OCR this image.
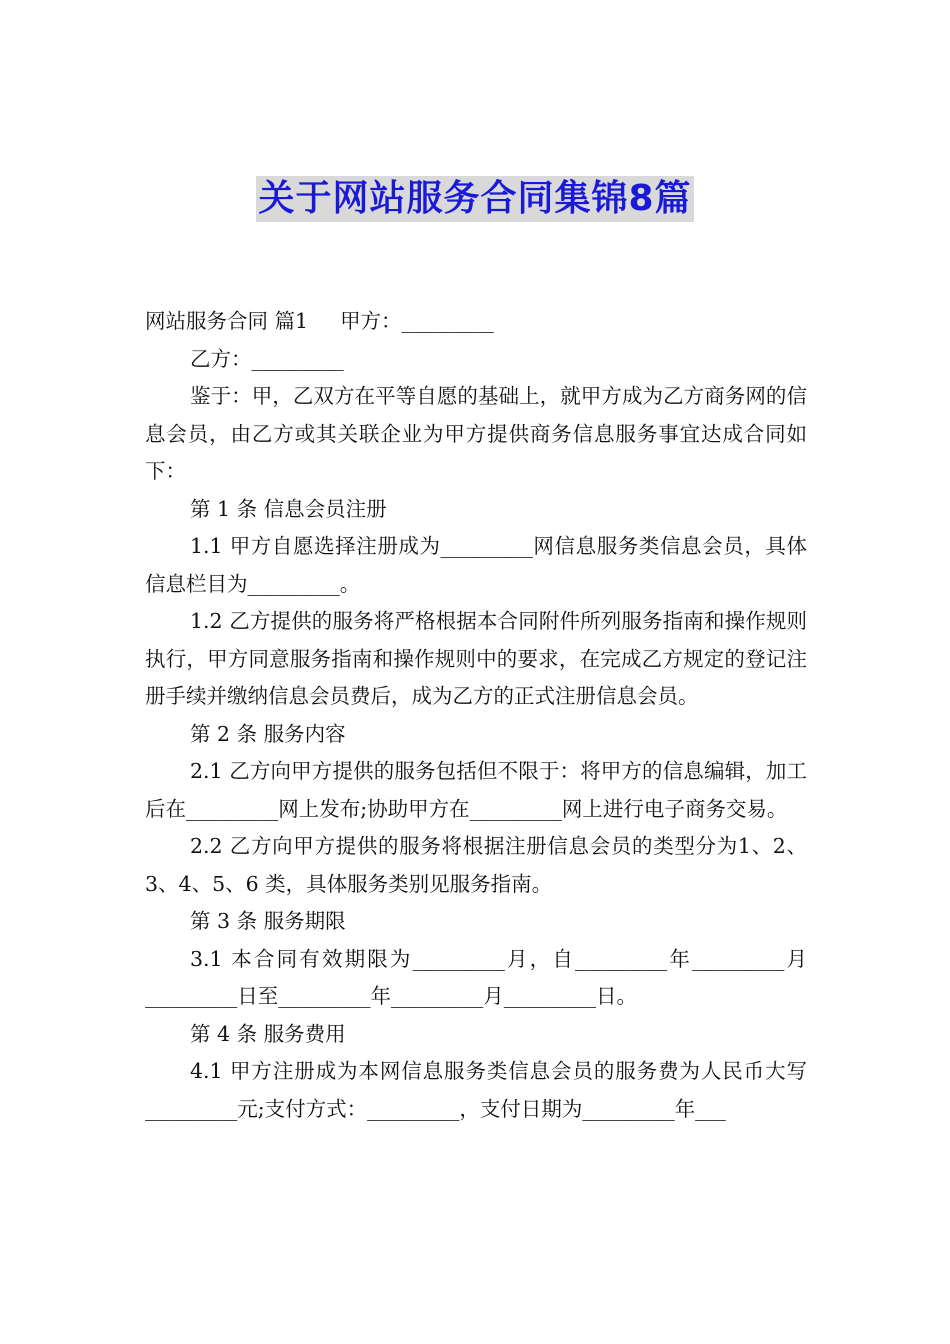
关于网站服务合同集锦8篇

网站服务合同 篇1 甲方：_________

乙方：_________

鉴于：甲，乙双方在平等自愿的基础上，就甲方成为乙方商务网的信息会员，由乙方或其关联企业为甲方提供商务信息服务事宜达成合同如下：

第 1 条 信息会员注册

1.1 甲方自愿选择注册成为_________网信息服务类信息会员，具体信息栏目为_________。

1.2 乙方提供的服务将严格根据本合同附件所列服务指南和操作规则执行，甲方同意服务指南和操作规则中的要求，在完成乙方规定的登记注册手续并缴纳信息会员费后，成为乙方的正式注册信息会员。

第 2 条 服务内容

2.1 乙方向甲方提供的服务包括但不限于：将甲方的信息编辑，加工后在_________网上发布;协助甲方在_________网上进行电子商务交易。

2.2 乙方向甲方提供的服务将根据注册信息会员的类型分为1、2、3、4、5、6 类，具体服务类别见服务指南。

第 3 条 服务期限

3.1 本合同有效期限为_________月，自_________年_________月_________日至_________年_________月_________日。

第 4 条 服务费用

4.1 甲方注册成为本网信息服务类信息会员的服务费为人民币大写_________元;支付方式：_________，支付日期为_________年___
